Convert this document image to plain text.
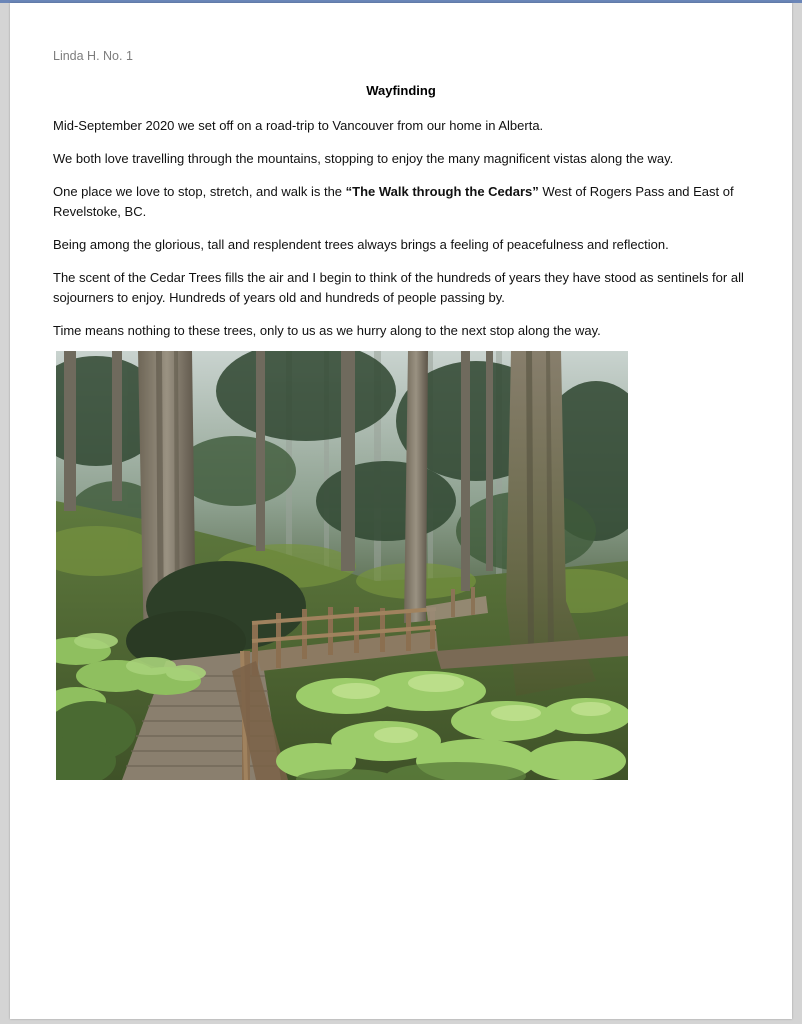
Linda H. No. 1
Wayfinding

Mid-September 2020 we set off on a road-trip to Vancouver from our home in Alberta.

We both love travelling through the mountains, stopping to enjoy the many magnificent vistas along the way.

One place we love to stop, stretch, and walk is the “The Walk through the Cedars” West of Rogers Pass and East of Revelstoke, BC.

Being among the glorious, tall and resplendent trees always brings a feeling of peacefulness and reflection.

The scent of the Cedar Trees fills the air and I begin to think of the hundreds of years they have stood as sentinels for all sojourners to enjoy. Hundreds of years old and hundreds of people passing by.

Time means nothing to these trees, only to us as we hurry along to the next stop along the way.
